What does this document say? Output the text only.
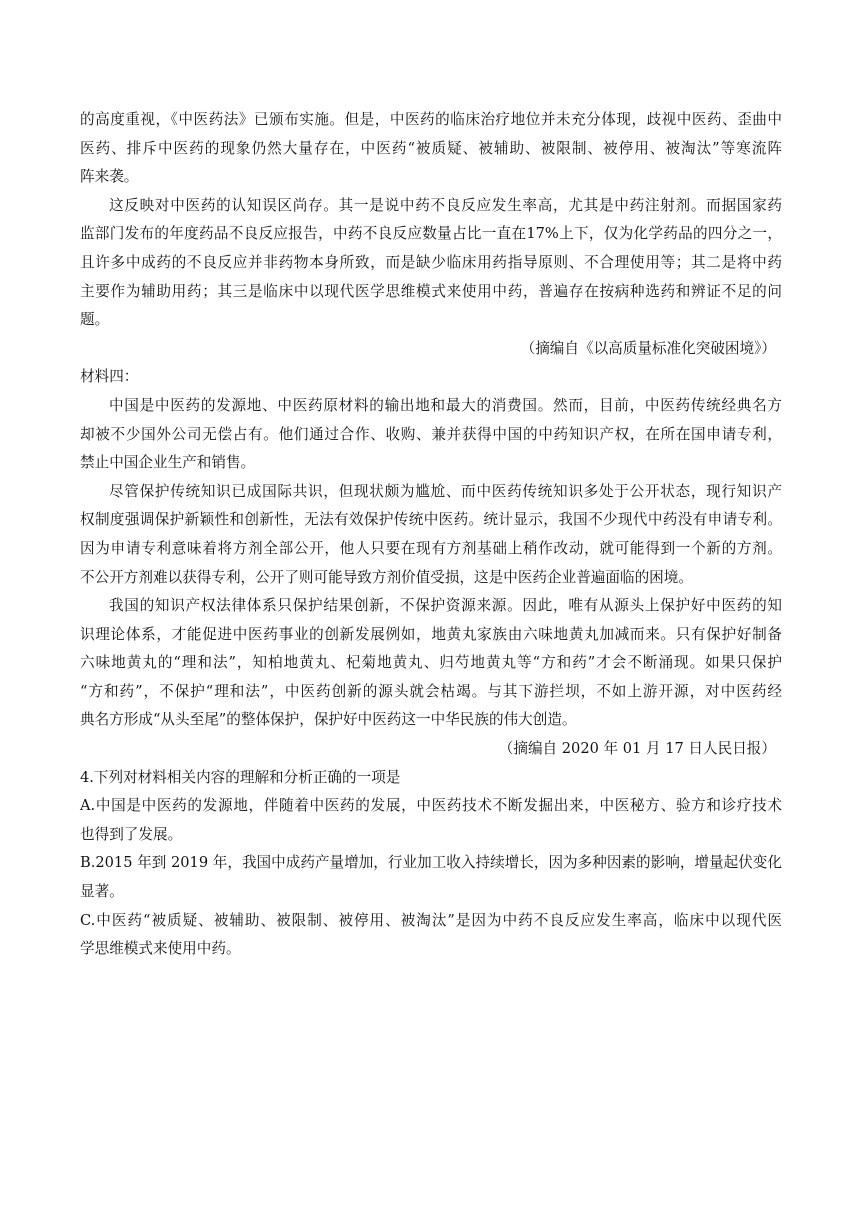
的高度重视，《中医药法》已颁布实施。但是，中医药的临床治疗地位并未充分体现，歧视中医药、歪曲中
医药、排斥中医药的现象仍然大量存在，中医药“被质疑、被辅助、被限制、被停用、被淘汰”等寒流阵
阵来袭。
这反映对中医药的认知误区尚存。其一是说中药不良反应发生率高，尤其是中药注射剂。而据国家药
监部门发布的年度药品不良反应报告，中药不良反应数量占比一直在17%上下，仅为化学药品的四分之一，
且许多中成药的不良反应并非药物本身所致，而是缺少临床用药指导原则、不合理使用等；其二是将中药
主要作为辅助用药；其三是临床中以现代医学思维模式来使用中药，普遍存在按病种选药和辨证不足的问
题。
（摘编自《以高质量标准化突破困境》）
材料四：
中国是中医药的发源地、中医药原材料的输出地和最大的消费国。然而，目前，中医药传统经典名方
却被不少国外公司无偿占有。他们通过合作、收购、兼并获得中国的中药知识产权，在所在国申请专利，
禁止中国企业生产和销售。
尽管保护传统知识已成国际共识，但现状颇为尴尬、而中医药传统知识多处于公开状态，现行知识产
权制度强调保护新颖性和创新性，无法有效保护传统中医药。统计显示，我国不少现代中药没有申请专利。
因为申请专利意味着将方剂全部公开，他人只要在现有方剂基础上稍作改动，就可能得到一个新的方剂。
不公开方剂难以获得专利，公开了则可能导致方剂价值受损，这是中医药企业普遍面临的困境。
我国的知识产权法律体系只保护结果创新，不保护资源来源。因此，唯有从源头上保护好中医药的知
识理论体系，才能促进中医药事业的创新发展例如，地黄丸家族由六味地黄丸加减而来。只有保护好制备
六味地黄丸的“理和法”，知柏地黄丸、杞菊地黄丸、归芍地黄丸等“方和药”才会不断涌现。如果只保护
“方和药”，不保护“理和法”，中医药创新的源头就会枯竭。与其下游拦坝，不如上游开源，对中医药经
典名方形成“从头至尾”的整体保护，保护好中医药这一中华民族的伟大创造。
（摘编自 2020 年 01 月 17 日人民日报）
4.下列对材料相关内容的理解和分析正确的一项是
A.中国是中医药的发源地，伴随着中医药的发展，中医药技术不断发掘出来，中医秘方、验方和诊疗技术
也得到了发展。
B.2015 年到 2019 年，我国中成药产量增加，行业加工收入持续增长，因为多种因素的影响，增量起伏变化
显著。
C.中医药“被质疑、被辅助、被限制、被停用、被淘汰”是因为中药不良反应发生率高，临床中以现代医
学思维模式来使用中药。
